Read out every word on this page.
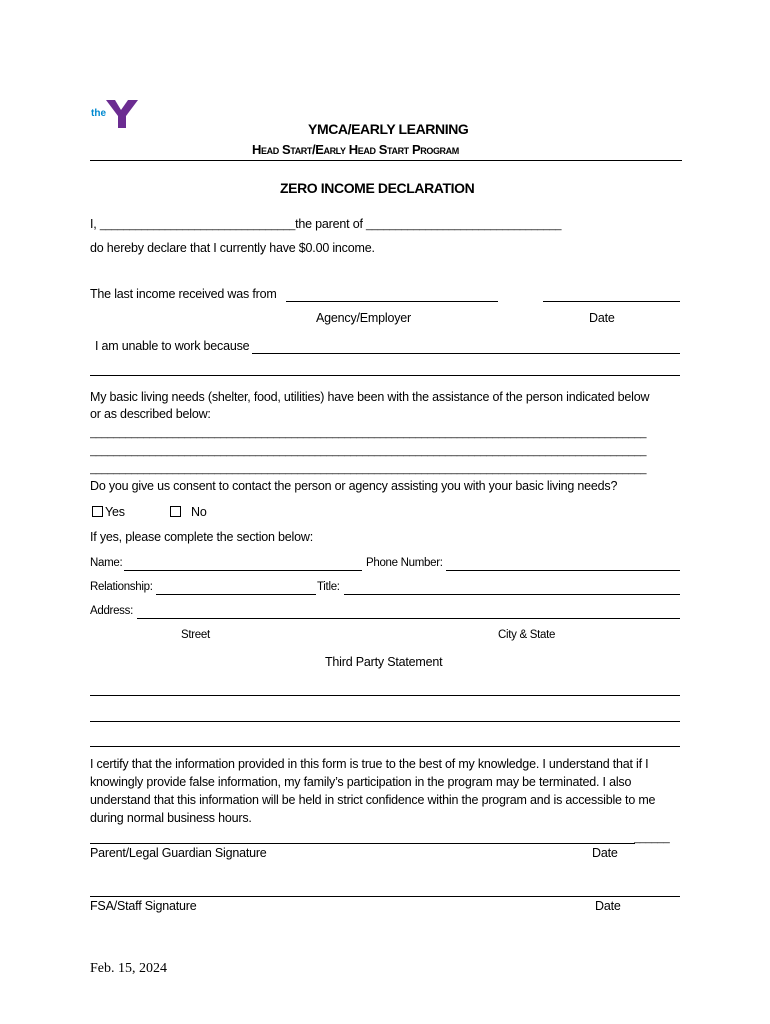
the
YMCA/EARLY LEARNING
Head Start/Early Head Start Program
ZERO INCOME DECLARATION
I, _________________________________the parent of _________________________________
do hereby declare that I currently have $0.00 income.
The last income received was from
Agency/Employer	Date
I am unable to work because
My basic living needs (shelter, food, utilities) have been with the assistance of the person indicated below
or as described below:
______________________________________________________________________________________________
______________________________________________________________________________________________
______________________________________________________________________________________________
Do you give us consent to contact the person or agency assisting you with your basic living needs?
Yes	No
If yes, please complete the section below:
Name:	Phone Number:
Relationship:	Title:
Address:
Street	City & State
Third Party Statement
I certify that the information provided in this form is true to the best of my knowledge. I understand that if I
knowingly provide false information, my family’s participation in the program may be terminated. I also
understand that this information will be held in strict confidence within the program and is accessible to me
during normal business hours.
______
Parent/Legal Guardian Signature	Date
FSA/Staff Signature	Date
Feb. 15, 2024
